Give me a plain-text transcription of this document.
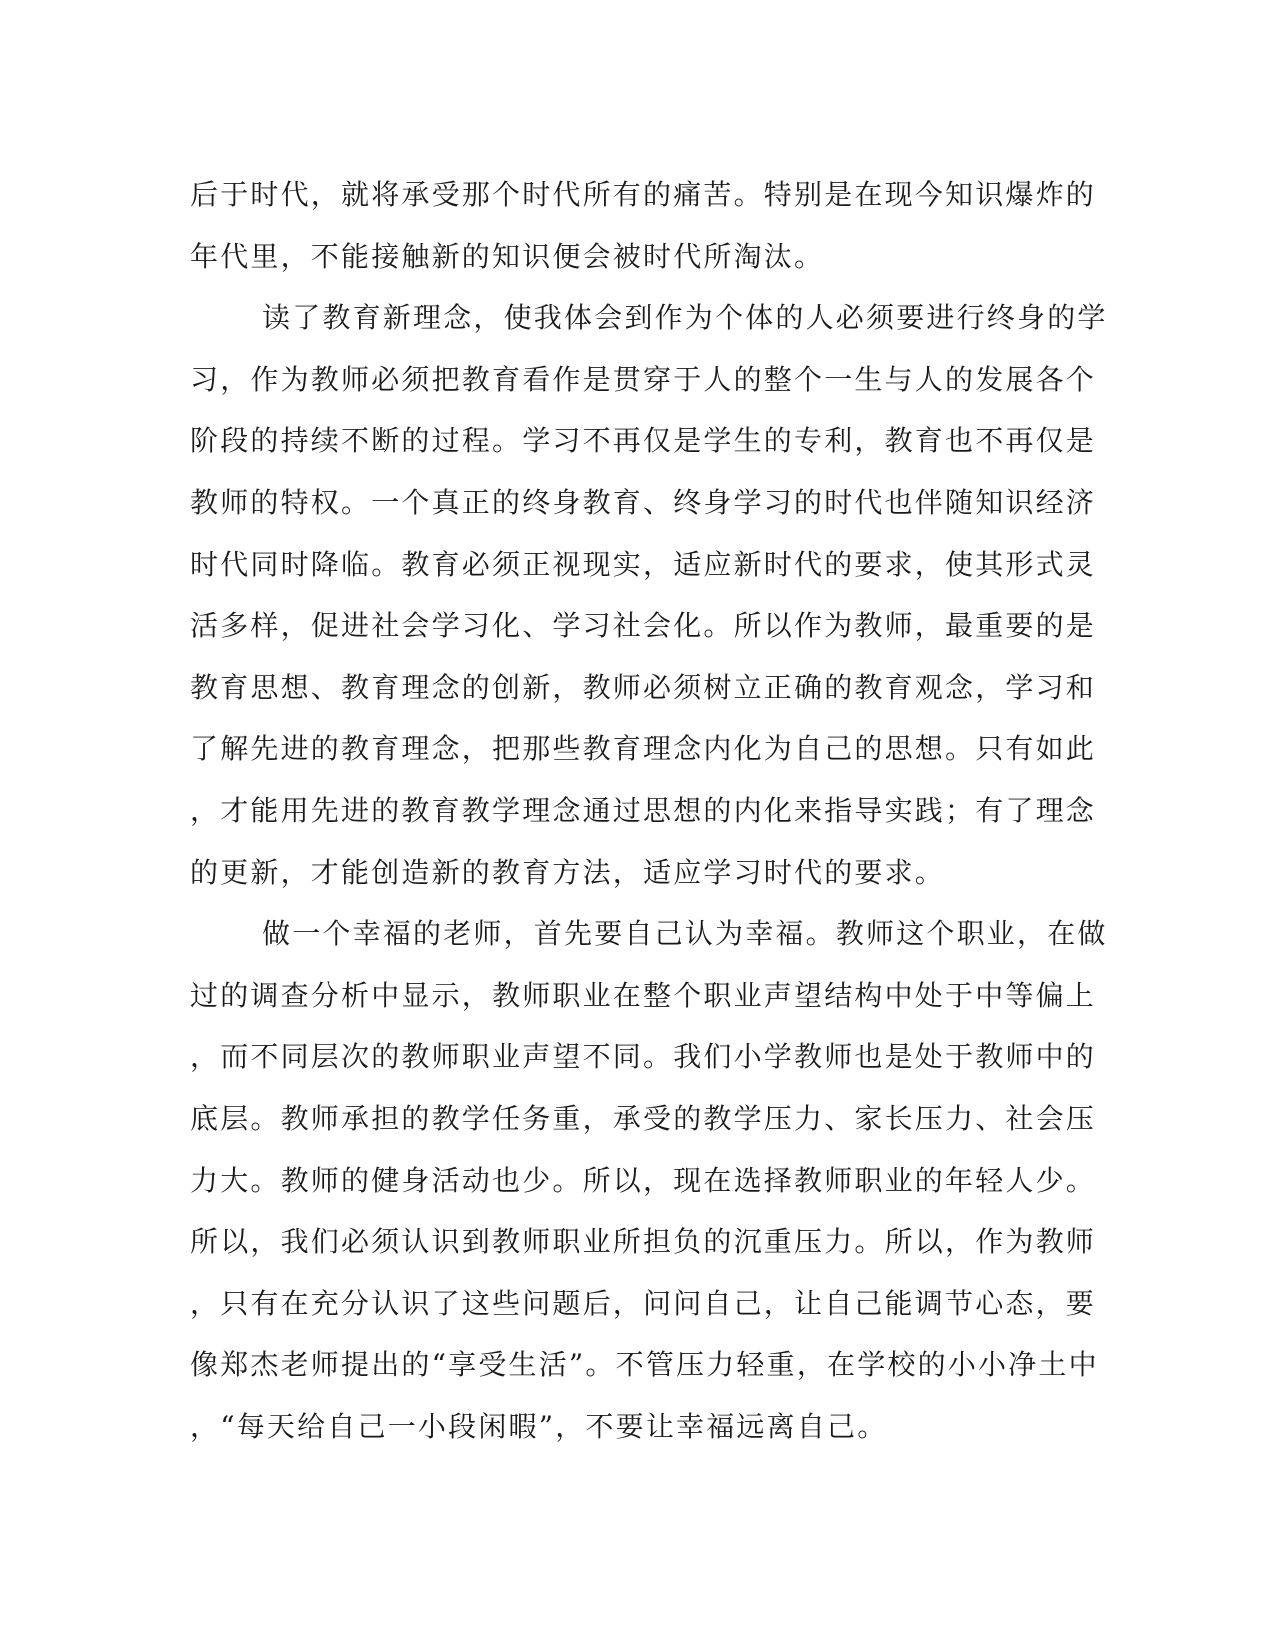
后于时代，就将承受那个时代所有的痛苦。特别是在现今知识爆炸的
年代里，不能接触新的知识便会被时代所淘汰。
读了教育新理念，使我体会到作为个体的人必须要进行终身的学
习，作为教师必须把教育看作是贯穿于人的整个一生与人的发展各个
阶段的持续不断的过程。学习不再仅是学生的专利，教育也不再仅是
教师的特权。一个真正的终身教育、终身学习的时代也伴随知识经济
时代同时降临。教育必须正视现实，适应新时代的要求，使其形式灵
活多样，促进社会学习化、学习社会化。所以作为教师，最重要的是
教育思想、教育理念的创新，教师必须树立正确的教育观念，学习和
了解先进的教育理念，把那些教育理念内化为自己的思想。只有如此
，才能用先进的教育教学理念通过思想的内化来指导实践；有了理念
的更新，才能创造新的教育方法，适应学习时代的要求。
做一个幸福的老师，首先要自己认为幸福。教师这个职业，在做
过的调查分析中显示，教师职业在整个职业声望结构中处于中等偏上
，而不同层次的教师职业声望不同。我们小学教师也是处于教师中的
底层。教师承担的教学任务重，承受的教学压力、家长压力、社会压
力大。教师的健身活动也少。所以，现在选择教师职业的年轻人少。
所以，我们必须认识到教师职业所担负的沉重压力。所以，作为教师
，只有在充分认识了这些问题后，问问自己，让自己能调节心态，要
像郑杰老师提出的“享受生活”。不管压力轻重，在学校的小小净土中
，“每天给自己一小段闲暇”，不要让幸福远离自己。
